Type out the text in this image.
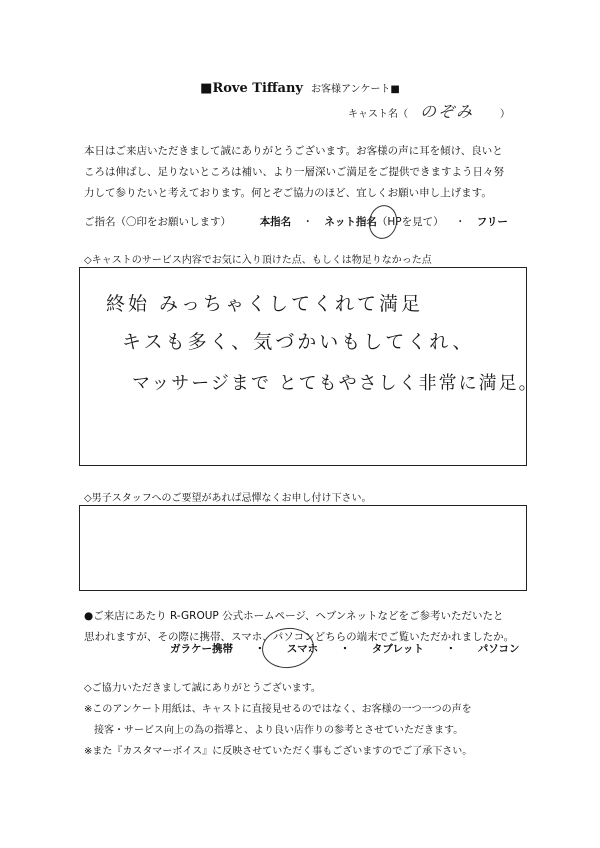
■Rove Tiffany お客様アンケート■
キャスト名（	）
のぞみ
本日はご来店いただきまして誠にありがとうございます。お客様の声に耳を傾け、良いと
ころは伸ばし、足りないところは補い、より一層深いご満足をご提供できますよう日々努
力して参りたいと考えております。何とぞご協力のほど、宜しくお願い申し上げます。
ご指名（〇印をお願いします）	本指名 ・ ネット指名（HPを見て） ・ フリー
◇キャストのサービス内容でお気に入り頂けた点、もしくは物足りなかった点
終始 みっちゃくしてくれて満足
キスも多く、気づかいもしてくれ、
マッサージまで とてもやさしく非常に満足。
◇男子スタッフへのご要望があれば忌憚なくお申し付け下さい。
●ご来店にあたり R-GROUP 公式ホームページ、ヘブンネットなどをご参考いただいたと
思われますが、その際に携帯、スマホ、パソコンどちらの端末でご覧いただかれましたか。
ガラケー携帯 ・ スマホ ・ タブレット ・ パソコン
◇ご協力いただきまして誠にありがとうございます。
※このアンケート用紙は、キャストに直接見せるのではなく、お客様の一つ一つの声を
　接客・サービス向上の為の指導と、より良い店作りの参考とさせていただきます。
※また『カスタマーボイス』に反映させていただく事もございますのでご了承下さい。
